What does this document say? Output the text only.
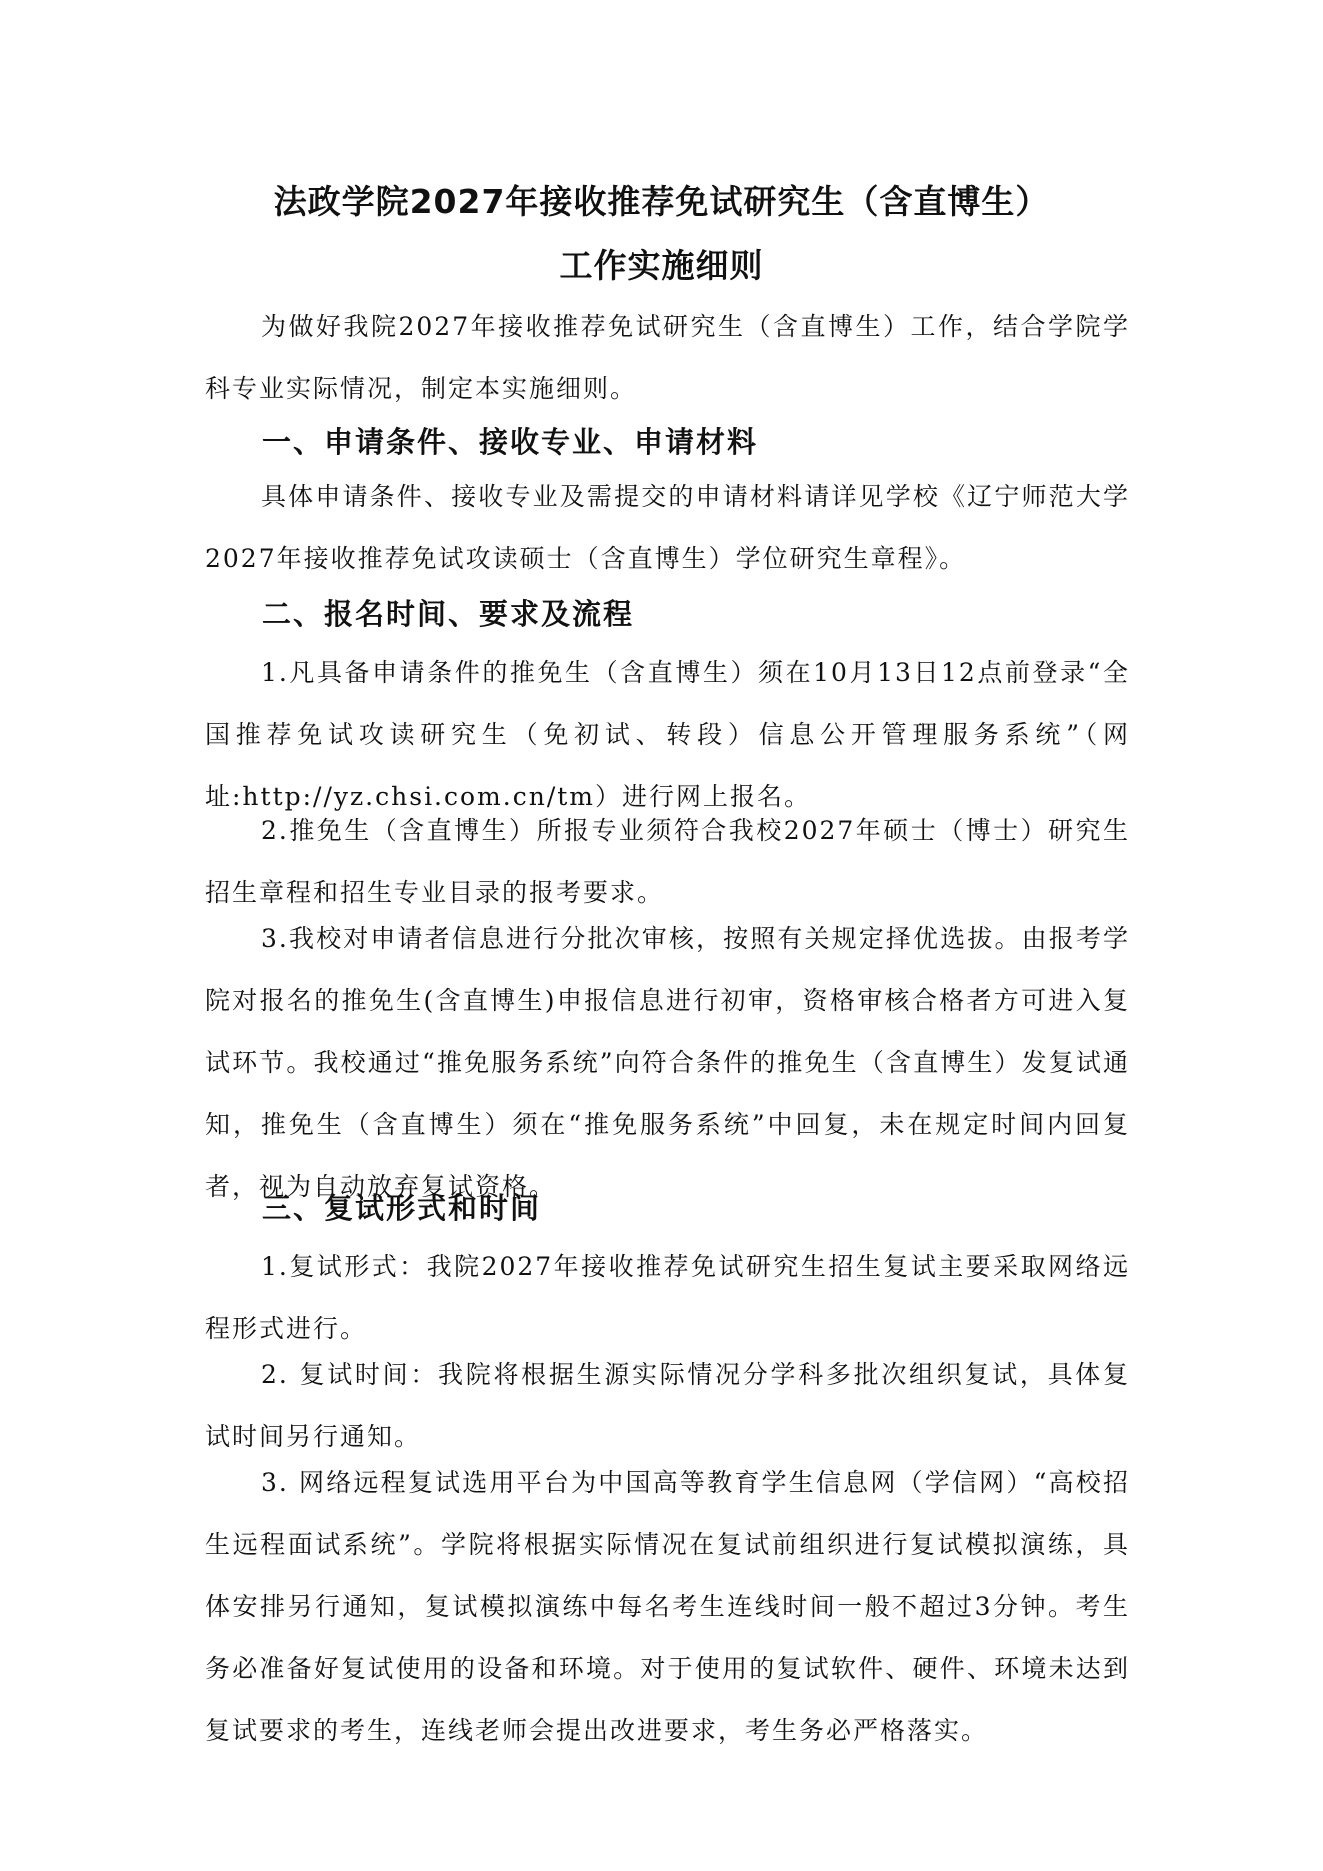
法政学院2027年接收推荐免试研究生（含直博生）
工作实施细则

为做好我院2027年接收推荐免试研究生（含直博生）工作，结合学院学科专业实际情况，制定本实施细则。

一、申请条件、接收专业、申请材料

具体申请条件、接收专业及需提交的申请材料请详见学校《辽宁师范大学2027年接收推荐免试攻读硕士（含直博生）学位研究生章程》。

二、报名时间、要求及流程

1.凡具备申请条件的推免生（含直博生）须在10月13日12点前登录“全国推荐免试攻读研究生（免初试、转段）信息公开管理服务系统”（网址:http://yz.chsi.com.cn/tm）进行网上报名。

2.推免生（含直博生）所报专业须符合我校2027年硕士（博士）研究生招生章程和招生专业目录的报考要求。

3.我校对申请者信息进行分批次审核，按照有关规定择优选拔。由报考学院对报名的推免生(含直博生)申报信息进行初审，资格审核合格者方可进入复试环节。我校通过“推免服务系统”向符合条件的推免生（含直博生）发复试通知，推免生（含直博生）须在“推免服务系统”中回复，未在规定时间内回复者，视为自动放弃复试资格。

三、复试形式和时间

1.复试形式：我院2027年接收推荐免试研究生招生复试主要采取网络远程形式进行。

2. 复试时间：我院将根据生源实际情况分学科多批次组织复试，具体复试时间另行通知。

3. 网络远程复试选用平台为中国高等教育学生信息网（学信网）“高校招生远程面试系统”。学院将根据实际情况在复试前组织进行复试模拟演练，具体安排另行通知，复试模拟演练中每名考生连线时间一般不超过3分钟。考生务必准备好复试使用的设备和环境。对于使用的复试软件、硬件、环境未达到复试要求的考生，连线老师会提出改进要求，考生务必严格落实。
